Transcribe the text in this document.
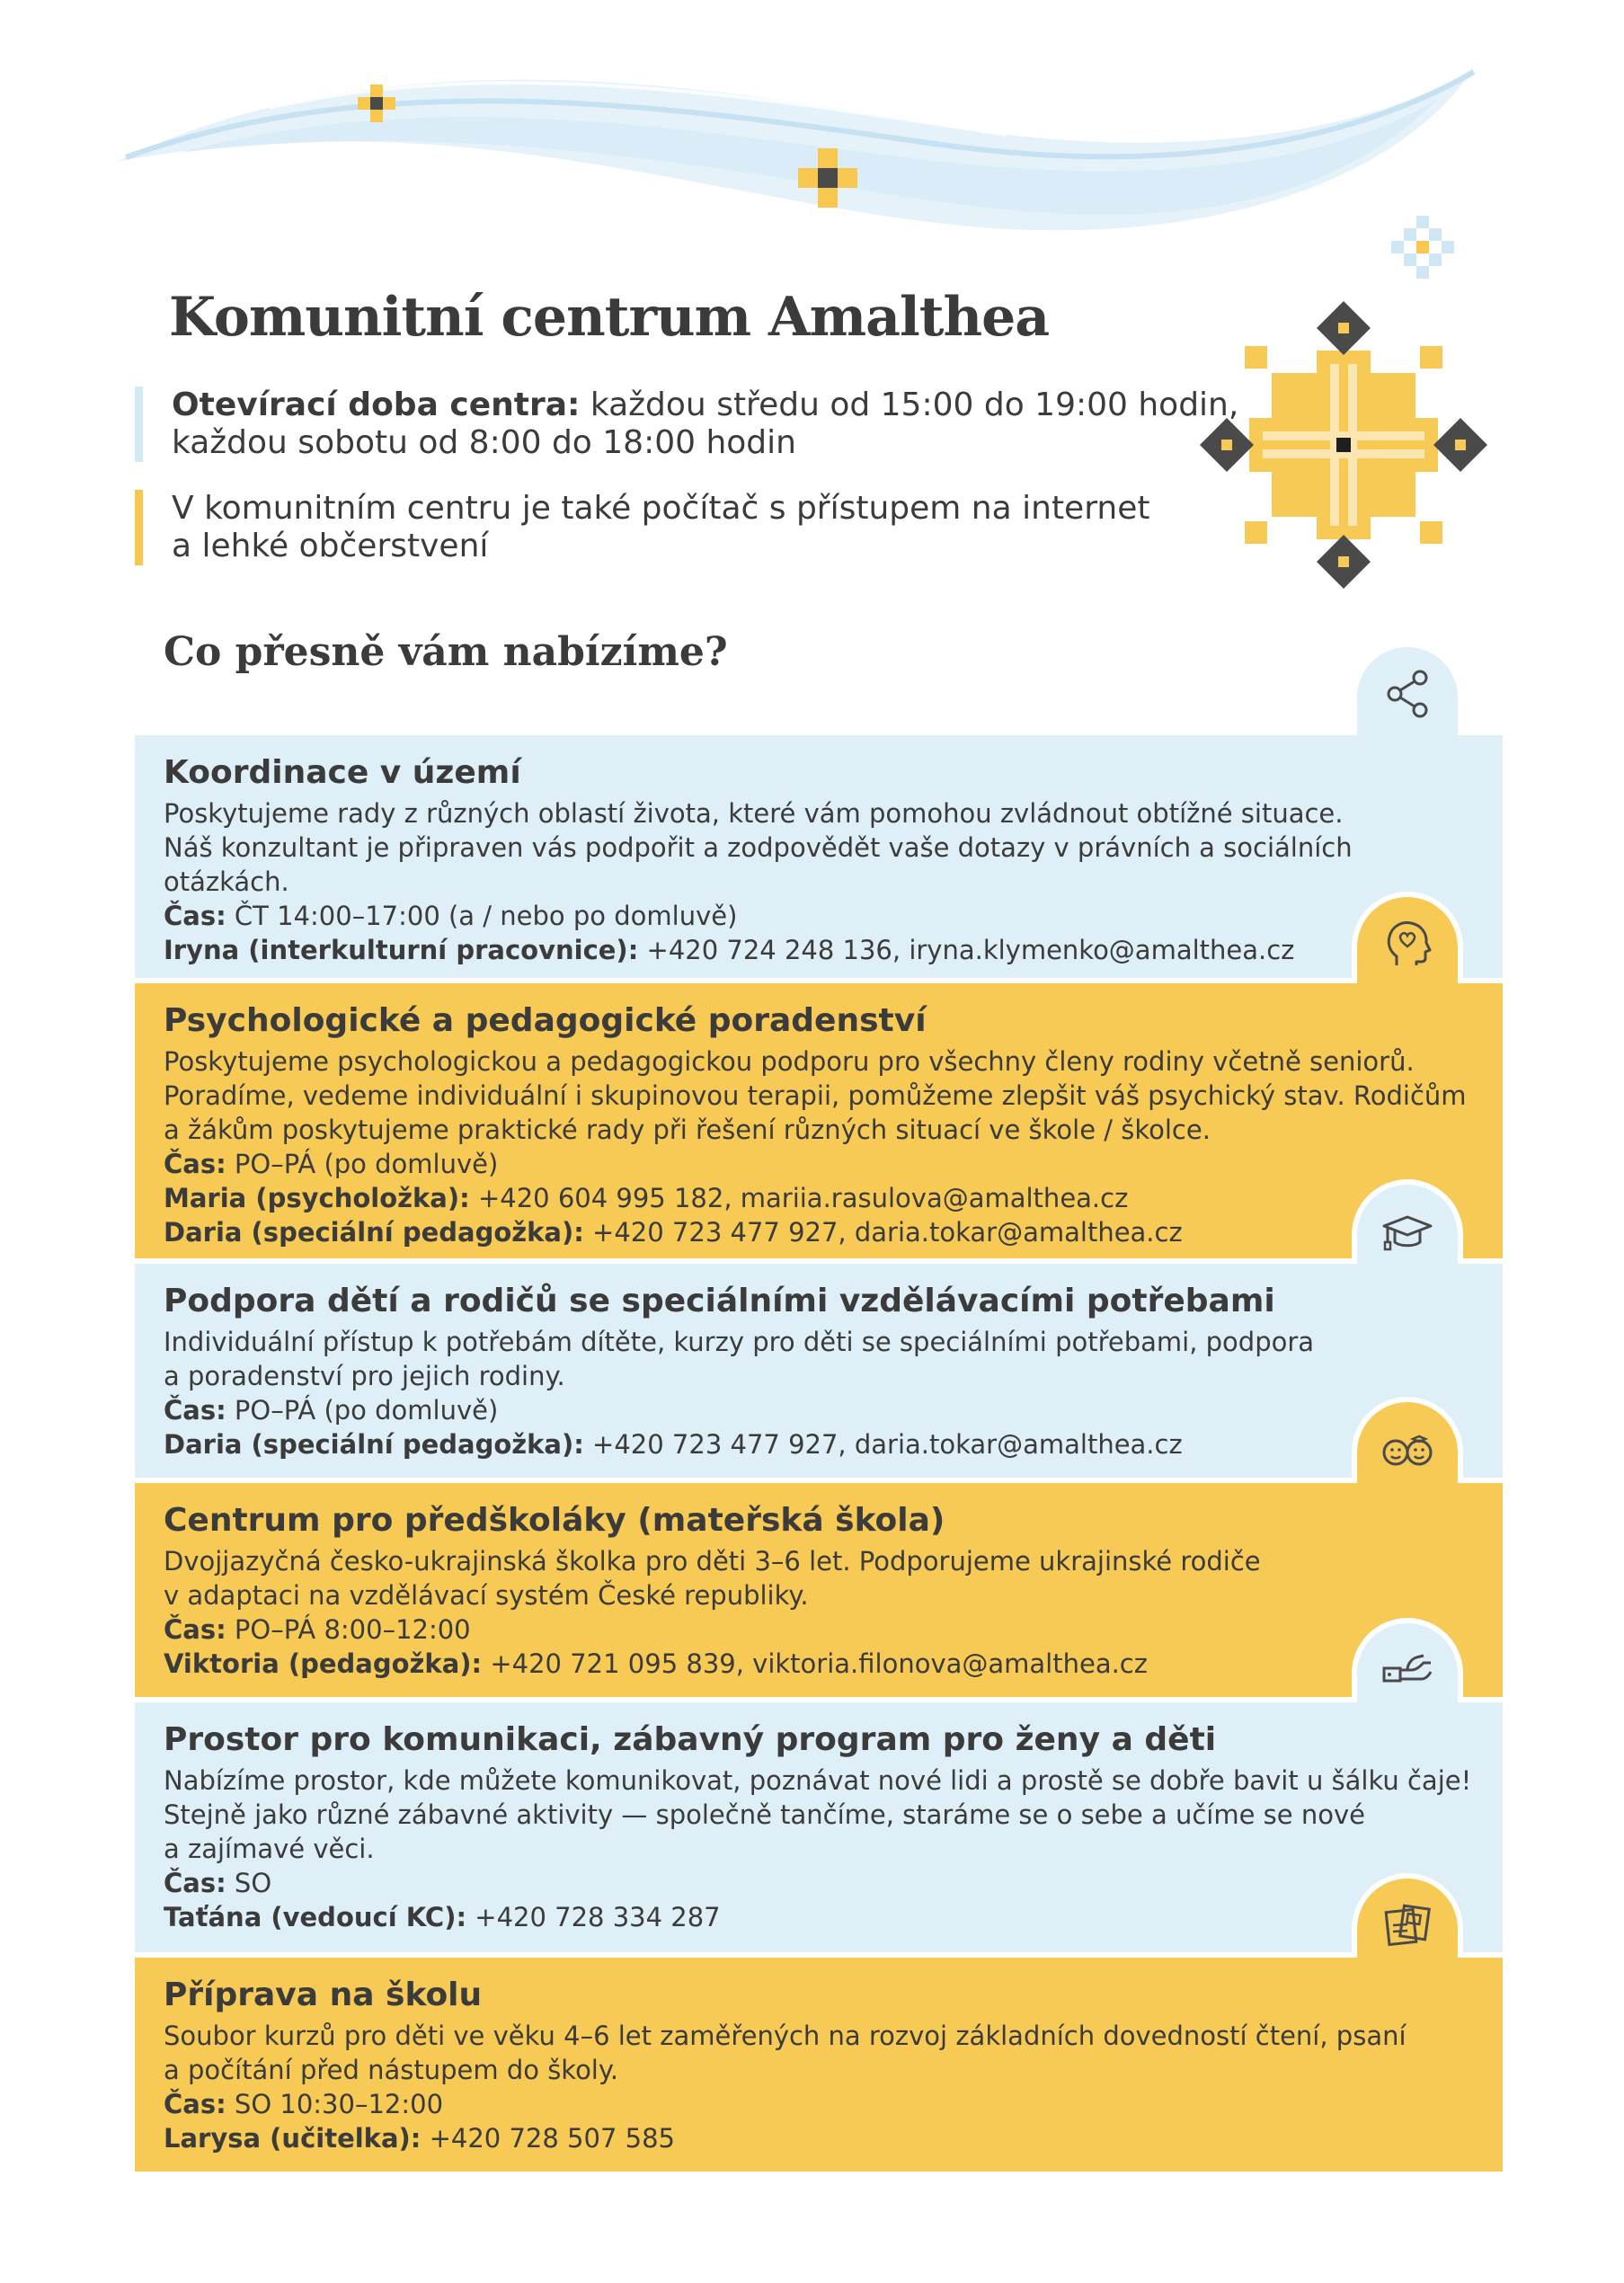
Komunitní centrum Amalthea
Otevírací doba centra: každou středu od 15:00 do 19:00 hodin,
každou sobotu od 8:00 do 18:00 hodin
V komunitním centru je také počítač s přístupem na internet
a lehké občerstvení
Co přesně vám nabízíme?
Koordinace v území

Poskytujeme rady z různých oblastí života, které vám pomohou zvládnout obtížné situace.

Náš konzultant je připraven vás podpořit a zodpovědět vaše dotazy v právních a sociálních

otázkách.

Čas: ČT 14:00–17:00 (a / nebo po domluvě)
Iryna (interkulturní pracovnice): +420 724 248 136, iryna.klymenko@amalthea.cz
Psychologické a pedagogické poradenství

Poskytujeme psychologickou a pedagogickou podporu pro všechny členy rodiny včetně seniorů.

Poradíme, vedeme individuální i skupinovou terapii, pomůžeme zlepšit váš psychický stav. Rodičům

a žákům poskytujeme praktické rady při řešení různých situací ve škole / školce.

Čas: PO–PÁ (po domluvě)
Maria (psycholožka): +420 604 995 182, mariia.rasulova@amalthea.cz
Daria (speciální pedagožka): +420 723 477 927, daria.tokar@amalthea.cz
Podpora dětí a rodičů se speciálními vzdělávacími potřebami

Individuální přístup k potřebám dítěte, kurzy pro děti se speciálními potřebami, podpora

a poradenství pro jejich rodiny.

Čas: PO–PÁ (po domluvě)
Daria (speciální pedagožka): +420 723 477 927, daria.tokar@amalthea.cz
Centrum pro předškoláky (mateřská škola)

Dvojjazyčná česko-ukrajinská školka pro děti 3–6 let. Podporujeme ukrajinské rodiče

v adaptaci na vzdělávací systém České republiky.

Čas: PO–PÁ 8:00–12:00
Viktoria (pedagožka): +420 721 095 839, viktoria.filonova@amalthea.cz
Prostor pro komunikaci, zábavný program pro ženy a děti

Nabízíme prostor, kde můžete komunikovat, poznávat nové lidi a prostě se dobře bavit u šálku čaje!

Stejně jako různé zábavné aktivity — společně tančíme, staráme se o sebe a učíme se nové

a zajímavé věci.

Čas: SO
Taťána (vedoucí KC): +420 728 334 287
Příprava na školu

Soubor kurzů pro děti ve věku 4–6 let zaměřených na rozvoj základních dovedností čtení, psaní

a počítání před nástupem do školy.

Čas: SO 10:30–12:00
Larysa (učitelka): +420 728 507 585
